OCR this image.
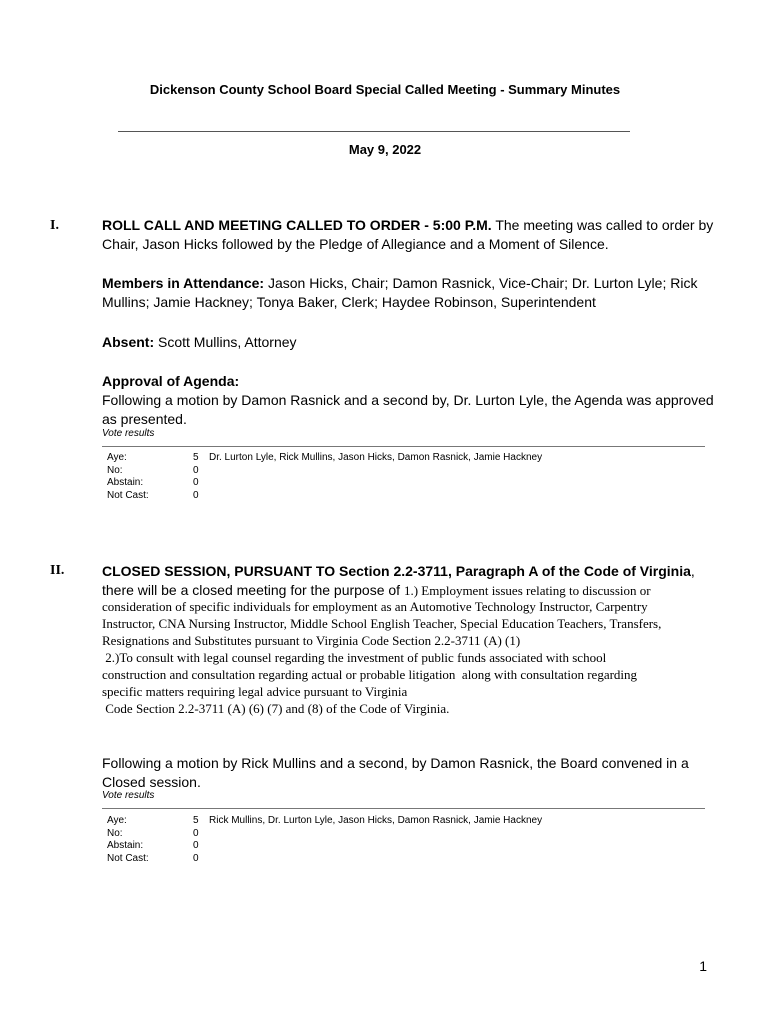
Dickenson County School Board Special Called Meeting - Summary Minutes
May 9, 2022
I.	ROLL CALL AND MEETING CALLED TO ORDER - 5:00 P.M. The meeting was called to order by Chair, Jason Hicks followed by the Pledge of Allegiance and a Moment of Silence.
Members in Attendance: Jason Hicks, Chair; Damon Rasnick, Vice-Chair; Dr. Lurton Lyle; Rick Mullins; Jamie Hackney; Tonya Baker, Clerk; Haydee Robinson, Superintendent
Absent: Scott Mullins, Attorney
Approval of Agenda:
Following a motion by Damon Rasnick and a second by, Dr. Lurton Lyle, the Agenda was approved as presented.
Vote results
Aye:	5	Dr. Lurton Lyle, Rick Mullins, Jason Hicks, Damon Rasnick, Jamie Hackney
No:	0
Abstain:	0
Not Cast:	0
II.	CLOSED SESSION, PURSUANT TO Section 2.2-3711, Paragraph A of the Code of Virginia,
there will be a closed meeting for the purpose of 1.) Employment issues relating to discussion or
consideration of specific individuals for employment as an Automotive Technology Instructor, Carpentry
Instructor, CNA Nursing Instructor, Middle School English Teacher, Special Education Teachers, Transfers,
Resignations and Substitutes pursuant to Virginia Code Section 2.2-3711 (A) (1)
2.)To consult with legal counsel regarding the investment of public funds associated with school
construction and consultation regarding actual or probable litigation  along with consultation regarding
specific matters requiring legal advice pursuant to Virginia
Code Section 2.2-3711 (A) (6) (7) and (8) of the Code of Virginia.
Following a motion by Rick Mullins and a second, by Damon Rasnick, the Board convened in a Closed session.
Vote results
Aye:	5	Rick Mullins, Dr. Lurton Lyle, Jason Hicks, Damon Rasnick, Jamie Hackney
No:	0
Abstain:	0
Not Cast:	0
1
